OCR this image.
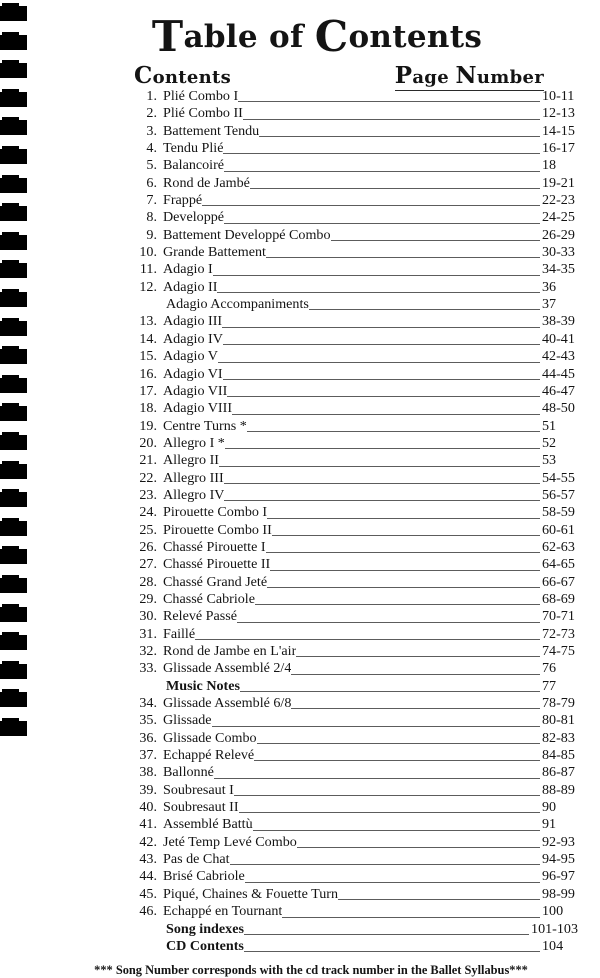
Table of Contents
Contents	Page Number
1. Plié Combo I	10-11
2. Plié Combo II	12-13
3. Battement Tendu	14-15
4. Tendu Plié	16-17
5. Balancoiré	18
6. Rond de Jambé	19-21
7. Frappé	22-23
8. Developpé	24-25
9. Battement Developpé Combo	26-29
10. Grande Battement	30-33
11. Adagio I	34-35
12. Adagio II	36
Adagio Accompaniments	37
13. Adagio III	38-39
14. Adagio IV	40-41
15. Adagio V	42-43
16. Adagio VI	44-45
17. Adagio VII	46-47
18. Adagio VIII	48-50
19. Centre Turns *	51
20. Allegro I *	52
21. Allegro II	53
22. Allegro III	54-55
23. Allegro IV	56-57
24. Pirouette Combo I	58-59
25. Pirouette Combo II	60-61
26. Chassé Pirouette I	62-63
27. Chassé Pirouette II	64-65
28. Chassé Grand Jeté	66-67
29. Chassé Cabriole	68-69
30. Relevé Passé	70-71
31. Faillé	72-73
32. Rond de Jambe en L'air	74-75
33. Glissade Assemblé 2/4	76
Music Notes	77
34. Glissade Assemblé 6/8	78-79
35. Glissade	80-81
36. Glissade Combo	82-83
37. Echappé Relevé	84-85
38. Ballonné	86-87
39. Soubresaut I	88-89
40. Soubresaut II	90
41. Assemblé Battù	91
42. Jeté Temp Levé Combo	92-93
43. Pas de Chat	94-95
44. Brisé Cabriole	96-97
45. Piqué, Chaines & Fouette Turn	98-99
46. Echappé en Tournant	100
Song indexes	101-103
CD Contents	104
*** Song Number corresponds with the cd track number in the Ballet Syllabus***
